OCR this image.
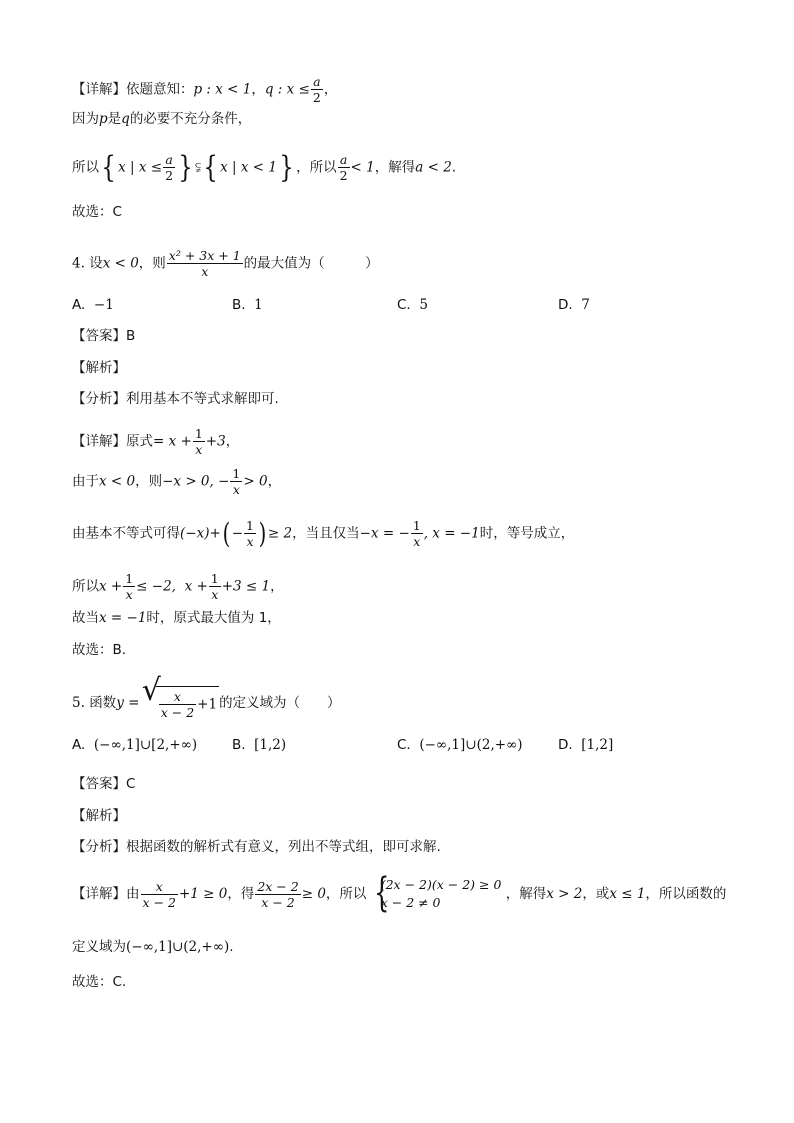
【详解】依题意知：p : x < 1，q : $x \le \frac{a}{2}$ ，
因为p是q的必要不充分条件，
所以{ x | $x \le \frac{a}{2}$ } ⫋{ x | x < 1} ，所以 $\frac{a}{2} < 1$，解得a < 2.
故选：C
4. 设x < 0，则 $\frac{\text{x² + 3x + 1}}{x}$ 的最大值为（　　　）
A. −1	B. 1	C. 5	D. 7
【答案】B
【解析】
【分析】利用基本不等式求解即可.
【详解】原式= $x + \frac{1}{x} +3$，
由于x < 0，则−x > 0, − $\frac{1}{x} > 0$，
由基本不等式可得$(-x)+( - \frac{1}{x}$ ) ≥ 2，当且仅当−x = − $\frac{1}{x}$ , x = −1时，等号成立，
所以$x + \frac{1}{x} \le -2$, $x + \frac{1}{x} +3 \le 1$，
故当x = −1时，原式最大值为 1，
故选：B.
5. 函数y =
√ $\frac{x}{x - 2} +1$ 的定义域为（　　）
A. (−∞,1]∪[2,+∞)	B. [1,2)	C. (−∞,1]∪(2,+∞)	D. [1,2]
【答案】C
【解析】
【分析】根据函数的解析式有意义，列出不等式组，即可求解.
【详解】由 $\frac{x}{x - 2} +1 \ge 0$，得 $\frac{2x - 2}{x - 2} \ge 0$，所以 {
(2x − 2)(x − 2) ≥ 0
x − 2 ≠ 0
，解得x > 2，或x ≤ 1，所以函数的
定义域为(−∞,1]∪(2,+∞).
故选：C.
